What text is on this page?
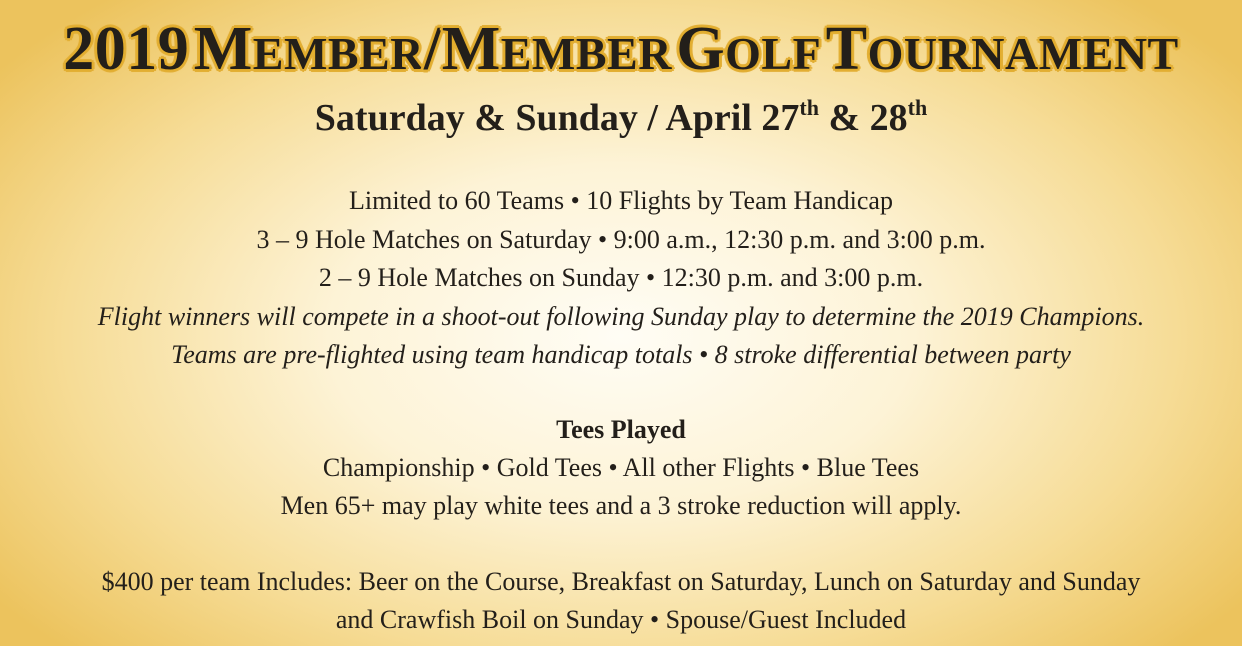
2019 MEMBER/MEMBER GOLF TOURNAMENT
Saturday & Sunday / April 27th & 28th
Limited to 60 Teams • 10 Flights by Team Handicap
3 – 9 Hole Matches on Saturday • 9:00 a.m., 12:30 p.m. and 3:00 p.m.
2 – 9 Hole Matches on Sunday • 12:30 p.m. and 3:00 p.m.
Flight winners will compete in a shoot-out following Sunday play to determine the 2019 Champions.
Teams are pre-flighted using team handicap totals • 8 stroke differential between party
Tees Played
Championship • Gold Tees • All other Flights • Blue Tees
Men 65+ may play white tees and a 3 stroke reduction will apply.
$400 per team Includes: Beer on the Course, Breakfast on Saturday, Lunch on Saturday and Sunday
and Crawfish Boil on Sunday • Spouse/Guest Included
